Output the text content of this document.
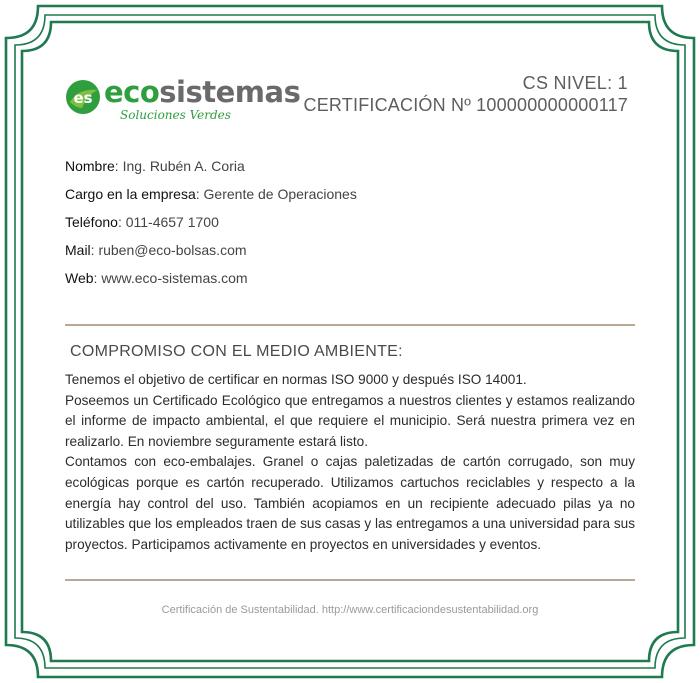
es ecosistemas
Soluciones Verdes
CS NIVEL: 1
CERTIFICACIÓN Nº 100000000000117
Nombre: Ing. Rubén A. Coria
Cargo en la empresa: Gerente de Operaciones
Teléfono: 011-4657 1700
Mail: ruben@eco-bolsas.com
Web: www.eco-sistemas.com
COMPROMISO CON EL MEDIO AMBIENTE:

Tenemos el objetivo de certificar en normas ISO 9000 y después ISO 14001.

Poseemos un Certificado Ecológico que entregamos a nuestros clientes y estamos realizando el informe de impacto ambiental, el que requiere el municipio. Será nuestra primera vez en realizarlo. En noviembre seguramente estará listo.

Contamos con eco-embalajes. Granel o cajas paletizadas de cartón corrugado, son muy ecológicas porque es cartón recuperado. Utilizamos cartuchos reciclables y respecto a la energía hay control del uso. También acopiamos en un recipiente adecuado pilas ya no utilizables que los empleados traen de sus casas y las entregamos a una universidad para sus proyectos. Participamos activamente en proyectos en universidades y eventos.

Certificación de Sustentabilidad. http://www.certificaciondesustentabilidad.org
